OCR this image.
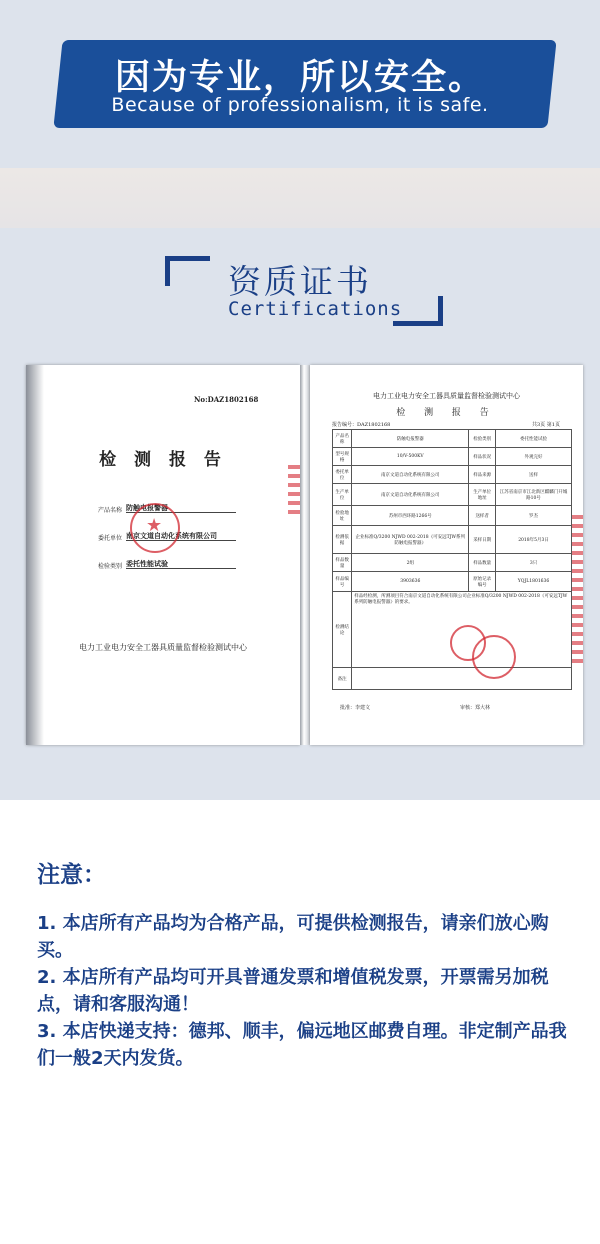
因为专业，所以安全。
Because of professionalism, it is safe.
资质证书
Certifications
No:DAZ1802168
检 测 报 告
产品名称 防触电报警器
委托单位 南京文道自动化系统有限公司
检验类别 委托性能试验
★
电力工业电力安全工器具质量监督检验测试中心
电力工业电力安全工器具质量监督检验测试中心
检 测 报 告
报告编号：DAZ1802168	共3页 第1页
产品名称	防触电报警器	检验类别	委托性能试验
型号规格	10/V-500KV	样品状况	外观完好
委托单位	南京文道自动化系统有限公司	样品来源	送样
生产单位	南京文道自动化系统有限公司	生产单位地址	江苏省南京市江北新区麒麟门开城路10号
检验地址	苏州市西环路1266号	送样者	罗杰
检测依据	企业标准Q/3200 NJWD 002-2018《可安远TJW系列防触电报警器》	采样日期	2018年5月3日
样品数量	2组	样品数量	3只
样品编号	3903636	原始记录编号	YQJL1801636
检测结论	样品经检测，所测项目符合南京文道自动化系统有限公司企业标准Q/3200 NJWD 002-2018《可安远TJW系列防触电报警器》的要求。		
备注			
批准：李建文	审核：郑大林
注意：
1. 本店所有产品均为合格产品，可提供检测报告，请亲们放心购买。
2. 本店所有产品均可开具普通发票和增值税发票，开票需另加税点，请和客服沟通！
3. 本店快递支持：德邦、顺丰，偏远地区邮费自理。非定制产品我们一般2天内发货。
